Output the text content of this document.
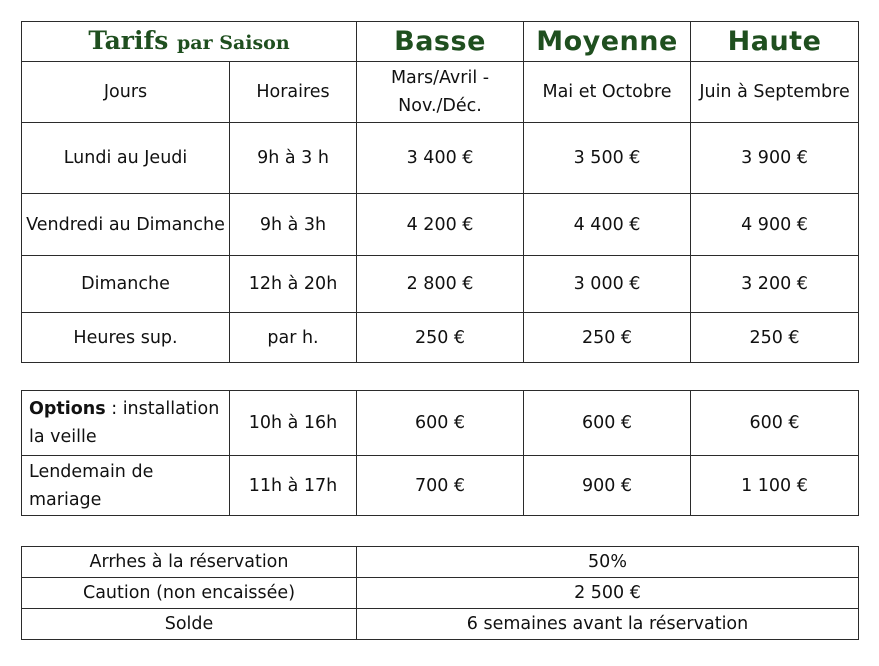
Tarifs par Saison		Basse	Moyenne	Haute
Jours	Horaires	Mars/Avril - Nov./Déc.	Mai et Octobre	Juin à Septembre
Lundi au Jeudi	9h à 3 h	3 400 €	3 500 €	3 900 €
Vendredi au Dimanche	9h à 3h	4 200 €	4 400 €	4 900 €
Dimanche	12h à 20h	2 800 €	3 000 €	3 200 €
Heures sup.	par h.	250 €	250 €	250 €
Options : installation la veille	10h à 16h	600 €	600 €	600 €
Lendemain de mariage	11h à 17h	700 €	900 €	1 100 €
Arrhes à la réservation	50%
Caution (non encaissée)	2 500 €
Solde	6 semaines avant la réservation
